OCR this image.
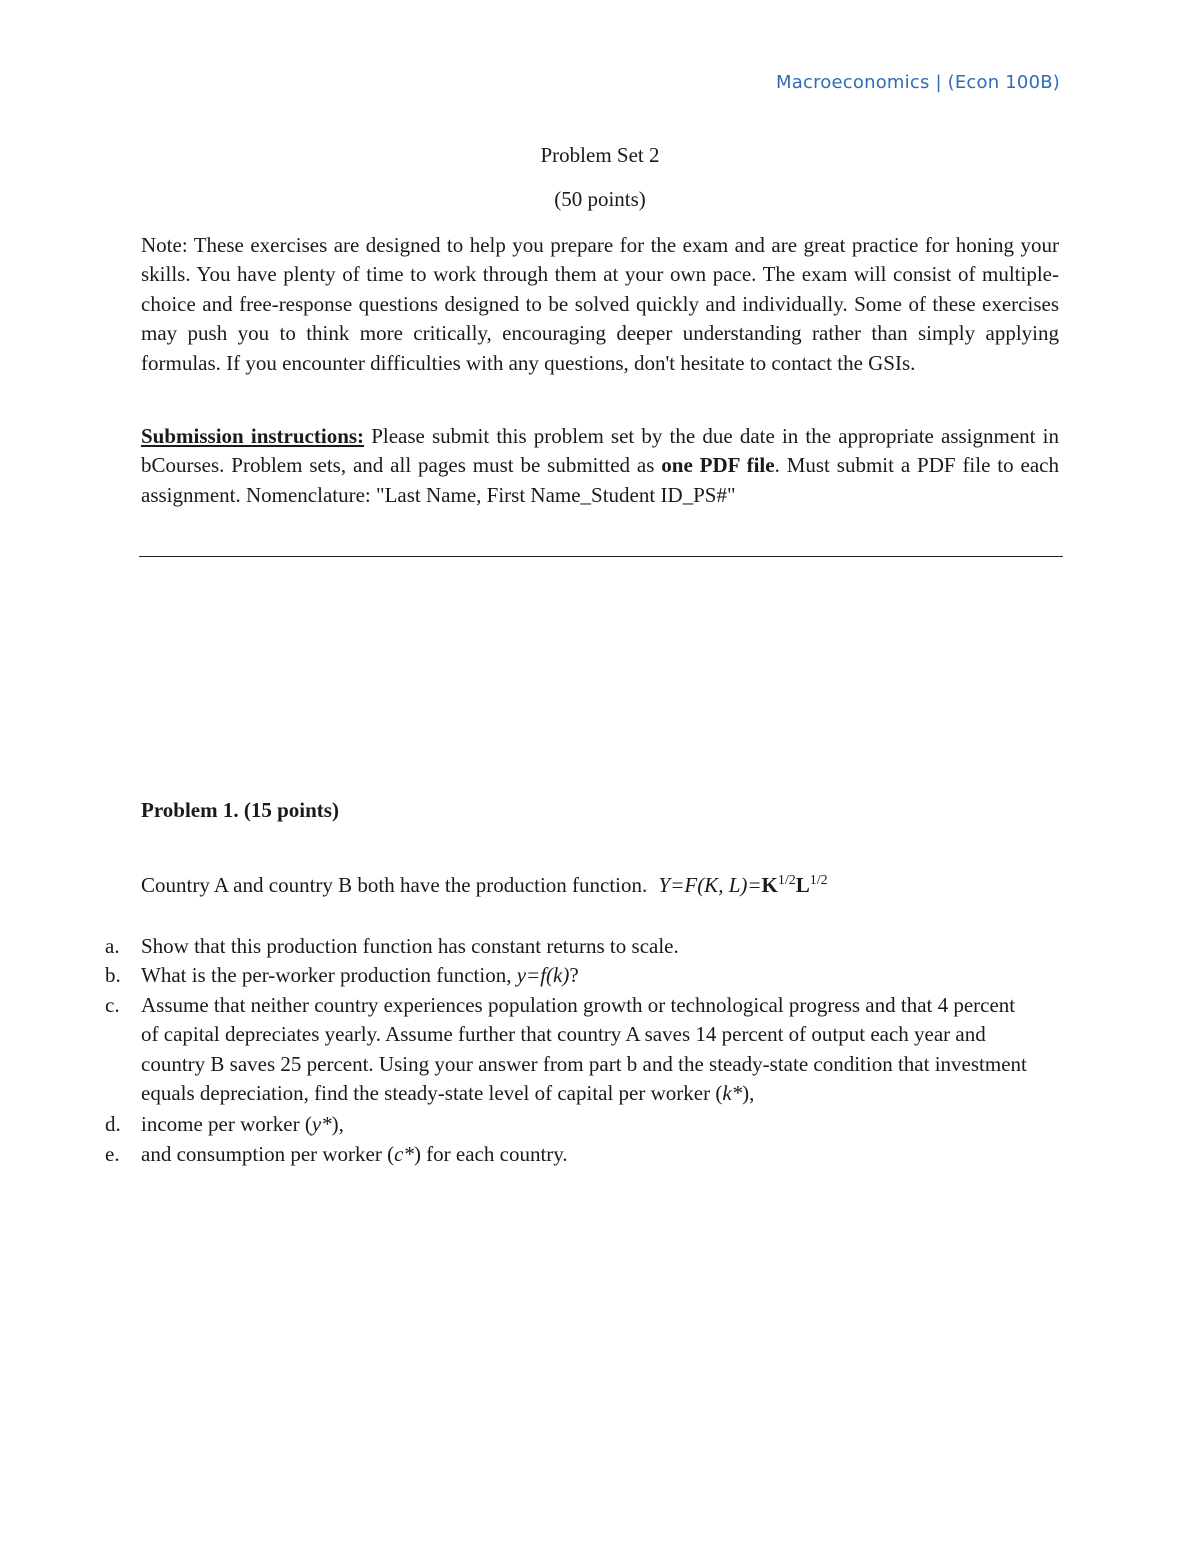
Macroeconomics | (Econ 100B)
Problem Set 2
(50 points)
Note: These exercises are designed to help you prepare for the exam and are great practice for honing your skills. You have plenty of time to work through them at your own pace. The exam will consist of multiple-choice and free-response questions designed to be solved quickly and individually. Some of these exercises may push you to think more critically, encouraging deeper understanding rather than simply applying formulas. If you encounter difficulties with any questions, don't hesitate to contact the GSIs.
Submission instructions: Please submit this problem set by the due date in the appropriate assignment in bCourses. Problem sets, and all pages must be submitted as one PDF file. Must submit a PDF file to each assignment. Nomenclature: "Last Name, First Name_Student ID_PS#"
Problem 1. (15 points)
Country A and country B both have the production function. Y=F(K, $L)=K^{1/2}L^{1/2}$
a. Show that this production function has constant returns to scale.
b. What is the per-worker production function, y=f(k)?
c. Assume that neither country experiences population growth or technological progress and that 4 percent of capital depreciates yearly. Assume further that country A saves 14 percent of output each year and country B saves 25 percent. Using your answer from part b and the steady-state condition that investment equals depreciation, find the steady-state level of capital per worker (k*),
d. income per worker (y*),
e. and consumption per worker (c*) for each country.
